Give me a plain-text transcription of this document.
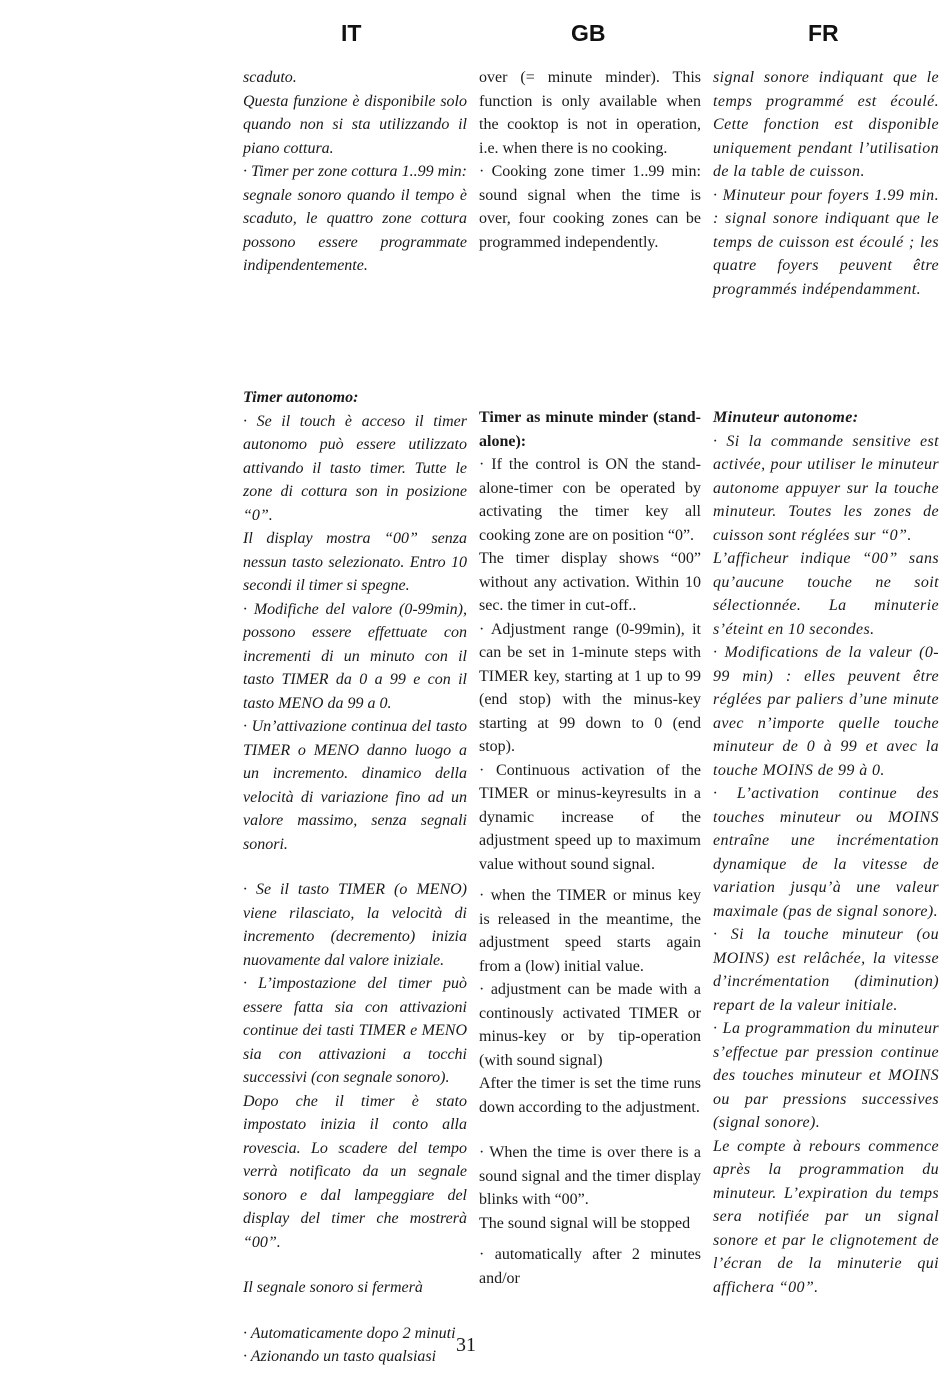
IT	GB	FR

scaduto.

Questa funzione è disponibile solo quando non si sta utilizzando il piano cottura.

· Timer per zone cottura 1..99 min: segnale sonoro quando il tempo è scaduto, le quattro zone cottura possono essere programmate indipendentemente.

over (= minute minder). This function is only available when the cooktop is not in operation, i.e. when there is no cooking.

· Cooking zone timer 1..99 min: sound signal when the time is over, four cooking zones can be programmed independently.

signal sonore indiquant que le temps programmé est écoulé. Cette fonction est disponible uniquement pendant l’utilisation de la table de cuisson.

· Minuteur pour foyers 1.99 min. : signal sonore indiquant que le temps de cuisson est écoulé ; les quatre foyers peuvent être programmés indépendamment.

Timer autonomo:

· Se il touch è acceso il timer autonomo può essere utilizzato attivando il tasto timer. Tutte le zone di cottura son in posizione “0”.

Il display mostra “00” senza nessun tasto selezionato. Entro 10 secondi il timer si spegne.

· Modifiche del valore (0-99min), possono essere effettuate con incrementi di un minuto con il tasto TIMER da 0 a 99 e con il tasto MENO da 99 a 0.

· Un’attivazione continua del tasto TIMER o MENO danno luogo a un incremento. dinamico della velocità di variazione fino ad un valore massimo, senza segnali sonori.

· Se il tasto TIMER (o MENO) viene rilasciato, la velocità di incremento (decremento) inizia nuovamente dal valore iniziale.

· L’impostazione del timer può essere fatta sia con attivazioni continue dei tasti TIMER e MENO sia con attivazioni a tocchi successivi (con segnale sonoro).

Dopo che il timer è stato impostato inizia il conto alla rovescia. Lo scadere del tempo verrà notificato da un segnale sonoro e dal lampeggiare del display del timer che mostrerà “00”.

Il segnale sonoro si fermerà

· Automaticamente dopo 2 minuti

· Azionando un tasto qualsiasi

Timer as minute minder (stand-alone):

· If the control is ON the stand-alone-timer con be operated by activating the timer key all cooking zone are on position “0”.

The timer display shows “00” without any activation. Within 10 sec. the timer in cut-off..

· Adjustment range (0-99min), it can be set in 1-minute steps with TIMER key, starting at 1 up to 99 (end stop) with the minus-key starting at 99 down to 0 (end stop).

· Continuous activation of the TIMER or minus-keyresults in a dynamic increase of the adjustment speed up to maximum value without sound signal.

· when the TIMER or minus key is released in the meantime, the adjustment speed starts again from a (low) initial value.

· adjustment can be made with a continously activated TIMER or minus-key or by tip-operation (with sound signal)

After the timer is set the time runs down according to the adjustment.

· When the time is over there is a sound signal and the timer display blinks with “00”.

The sound signal will be stopped

· automatically after 2 minutes and/or

Minuteur autonome:

· Si la commande sensitive est activée, pour utiliser le minuteur autonome appuyer sur la touche minuteur. Toutes les zones de cuisson sont réglées sur “0”.

L’afficheur indique “00” sans qu’aucune touche ne soit sélectionnée. La minuterie s’éteint en 10 secondes.

· Modifications de la valeur (0-99 min) : elles peuvent être réglées par paliers d’une minute avec n’importe quelle touche minuteur de 0 à 99 et avec la touche MOINS de 99 à 0.

· L’activation continue des touches minuteur ou MOINS entraîne une incrémentation dynamique de la vitesse de variation jusqu’à une valeur maximale (pas de signal sonore).

· Si la touche minuteur (ou MOINS) est relâchée, la vitesse d’incrémentation (diminution) repart de la valeur initiale.

· La programmation du minuteur s’effectue par pression continue des touches minuteur et MOINS ou par pressions successives (signal sonore).

Le compte à rebours commence après la programmation du minuteur. L’expiration du temps sera notifiée par un signal sonore et par le clignotement de l’écran de la minuterie qui affichera “00”.

31
